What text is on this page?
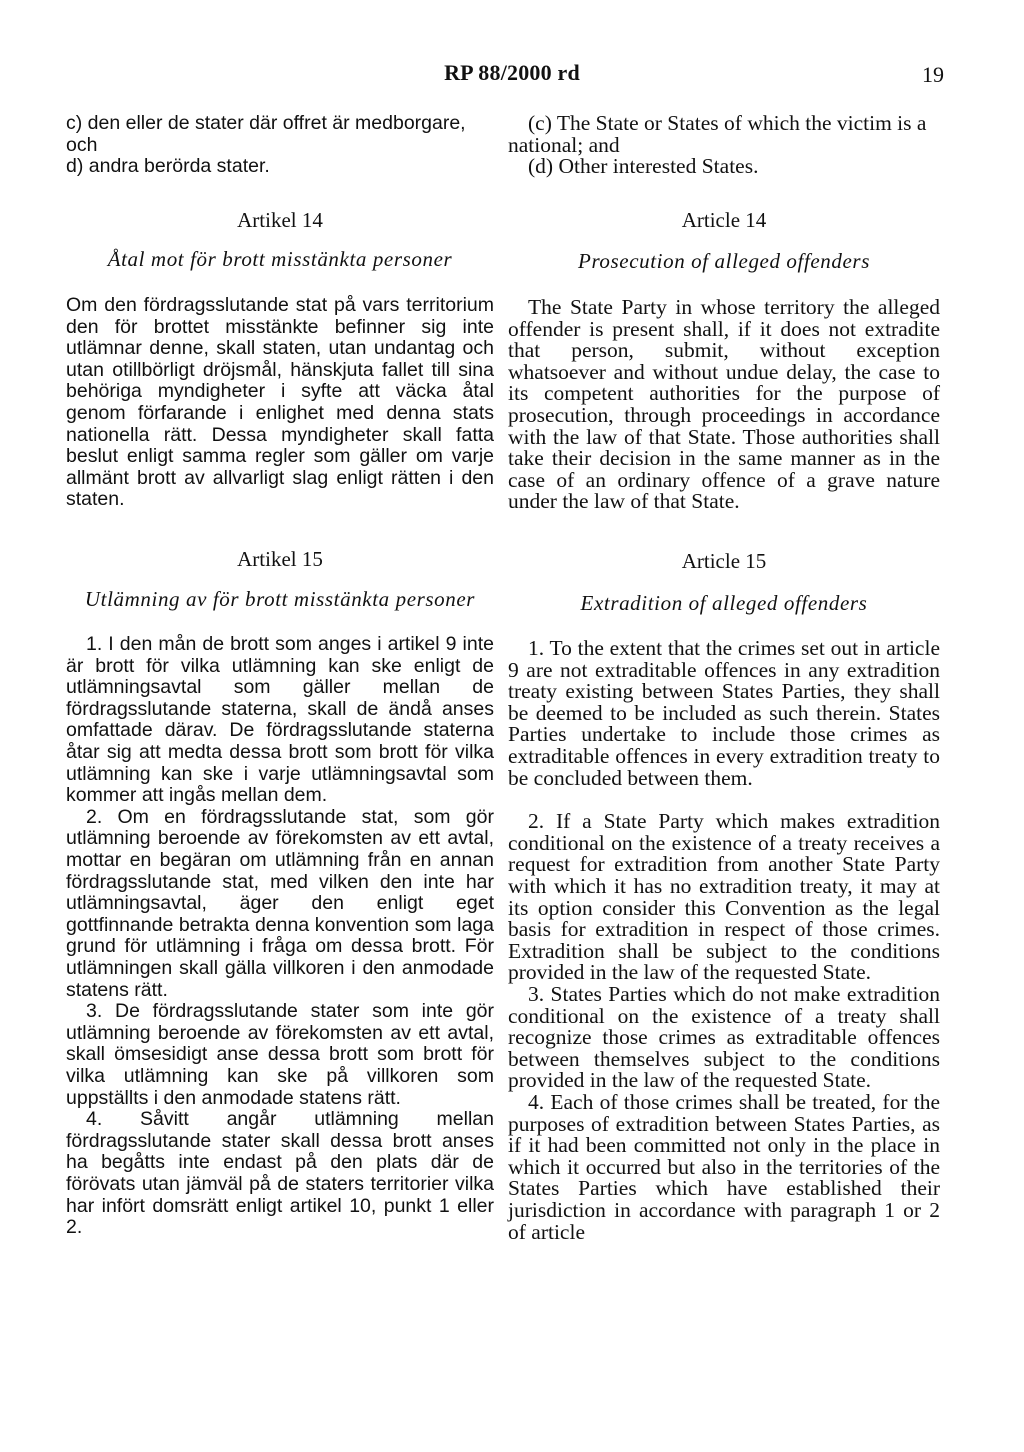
RP 88/2000 rd	19

c) den eller de stater där offret är medborgare, och

d) andra berörda stater.

Artikel 14
Åtal mot för brott misstänkta personer

Om den fördragsslutande stat på vars territorium den för brottet misstänkte befinner sig inte utlämnar denne, skall staten, utan undantag och utan otillbörligt dröjsmål, hänskjuta fallet till sina behöriga myndigheter i syfte att väcka åtal genom förfarande i enlighet med denna stats nationella rätt. Dessa myndigheter skall fatta beslut enligt samma regler som gäller om varje allmänt brott av allvarligt slag enligt rätten i den staten.

Artikel 15
Utlämning av för brott misstänkta personer

1. I den mån de brott som anges i artikel 9 inte är brott för vilka utlämning kan ske enligt de utlämningsavtal som gäller mellan de fördragsslutande staterna, skall de ändå anses omfattade därav. De fördragsslutande staterna åtar sig att medta dessa brott som brott för vilka utlämning kan ske i varje utlämningsavtal som kommer att ingås mellan dem.

2. Om en fördragsslutande stat, som gör utlämning beroende av förekomsten av ett avtal, mottar en begäran om utlämning från en annan fördragsslutande stat, med vilken den inte har utlämningsavtal, äger den enligt eget gottfinnande betrakta denna konvention som laga grund för utlämning i fråga om dessa brott. För utlämningen skall gälla villkoren i den anmodade statens rätt.

3. De fördragsslutande stater som inte gör utlämning beroende av förekomsten av ett avtal, skall ömsesidigt anse dessa brott som brott för vilka utlämning kan ske på villkoren som uppställts i den anmodade statens rätt.

4. Såvitt angår utlämning mellan fördragsslutande stater skall dessa brott anses ha begåtts inte endast på den plats där de förövats utan jämväl på de staters territorier vilka har infört domsrätt enligt artikel 10, punkt 1 eller 2.

(c) The State or States of which the victim is a national; and

(d) Other interested States.

Article 14
Prosecution of alleged offenders

The State Party in whose territory the alleged offender is present shall, if it does not extradite that person, submit, without exception whatsoever and without undue delay, the case to its competent authorities for the purpose of prosecution, through proceedings in accordance with the law of that State. Those authorities shall take their decision in the same manner as in the case of an ordinary offence of a grave nature under the law of that State.

Article 15
Extradition of alleged offenders

1. To the extent that the crimes set out in article 9 are not extraditable offences in any extradition treaty existing between States Parties, they shall be deemed to be included as such therein. States Parties undertake to include those crimes as extraditable offences in every extradition treaty to be concluded between them.

2. If a State Party which makes extradition conditional on the existence of a treaty receives a request for extradition from another State Party with which it has no extradition treaty, it may at its option consider this Convention as the legal basis for extradition in respect of those crimes. Extradition shall be subject to the conditions provided in the law of the requested State.

3. States Parties which do not make extradition conditional on the existence of a treaty shall recognize those crimes as extraditable offences between themselves subject to the conditions provided in the law of the requested State.

4. Each of those crimes shall be treated, for the purposes of extradition between States Parties, as if it had been committed not only in the place in which it occurred but also in the territories of the States Parties which have established their jurisdiction in accordance with paragraph 1 or 2 of article
